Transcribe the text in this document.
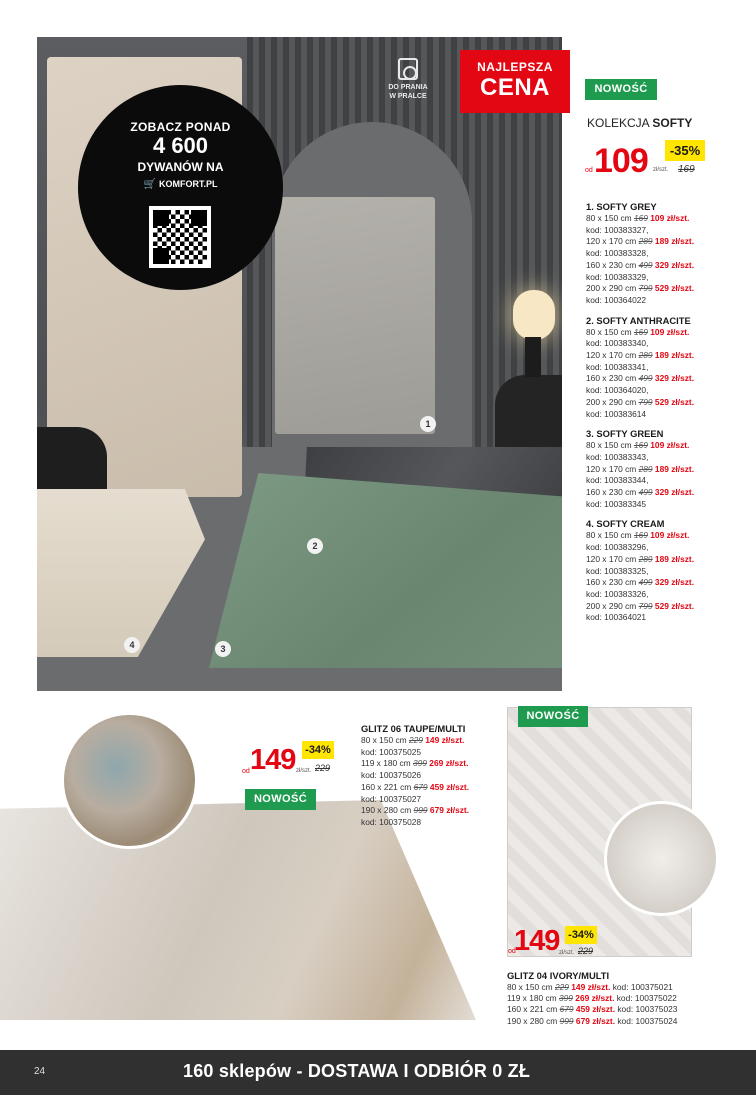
1
2
3
4
ZOBACZ PONAD
4 600
DYWANÓW NA
🛒 KOMFORT.PL
DO PRANIA
W PRALCE
NAJLEPSZA
CENA	NOWOŚĆ
KOLEKCJA SOFTY
od 109 zł/szt. 169
-35%
1. SOFTY GREY
80 x 150 cm 169 109 zł/szt.
kod: 100383327,
120 x 170 cm 289 189 zł/szt.
kod: 100383328,
160 x 230 cm 499 329 zł/szt.
kod: 100383329,
200 x 290 cm 799 529 zł/szt.
kod: 100364022
2. SOFTY ANTHRACITE
80 x 150 cm 169 109 zł/szt.
kod: 100383340,
120 x 170 cm 289 189 zł/szt.
kod: 100383341,
160 x 230 cm 499 329 zł/szt.
kod: 100364020,
200 x 290 cm 799 529 zł/szt.
kod: 100383614
3. SOFTY GREEN
80 x 150 cm 169 109 zł/szt.
kod: 100383343,
120 x 170 cm 289 189 zł/szt.
kod: 100383344,
160 x 230 cm 499 329 zł/szt.
kod: 100383345
4. SOFTY CREAM
80 x 150 cm 169 109 zł/szt.
kod: 100383296,
120 x 170 cm 289 189 zł/szt.
kod: 100383325,
160 x 230 cm 499 329 zł/szt.
kod: 100383326,
200 x 290 cm 799 529 zł/szt.
kod: 100364021
NOWOŚĆ
od 149 zł/szt. 229
-34%
GLITZ 06 TAUPE/MULTI
80 x 150 cm 229 149 zł/szt.
kod: 100375025
119 x 180 cm 399 269 zł/szt.
kod: 100375026
160 x 221 cm 679 459 zł/szt.
kod: 100375027
190 x 280 cm 999 679 zł/szt.
kod: 100375028
NOWOŚĆ
od
149 zł/szt. 229
-34%
GLITZ 04 IVORY/MULTI
80 x 150 cm 229 149 zł/szt. kod: 100375021
119 x 180 cm 399 269 zł/szt. kod: 100375022
160 x 221 cm 679 459 zł/szt. kod: 100375023
190 x 280 cm 999 679 zł/szt. kod: 100375024
24	160 sklepów - DOSTAWA I ODBIÓR 0 ZŁ
